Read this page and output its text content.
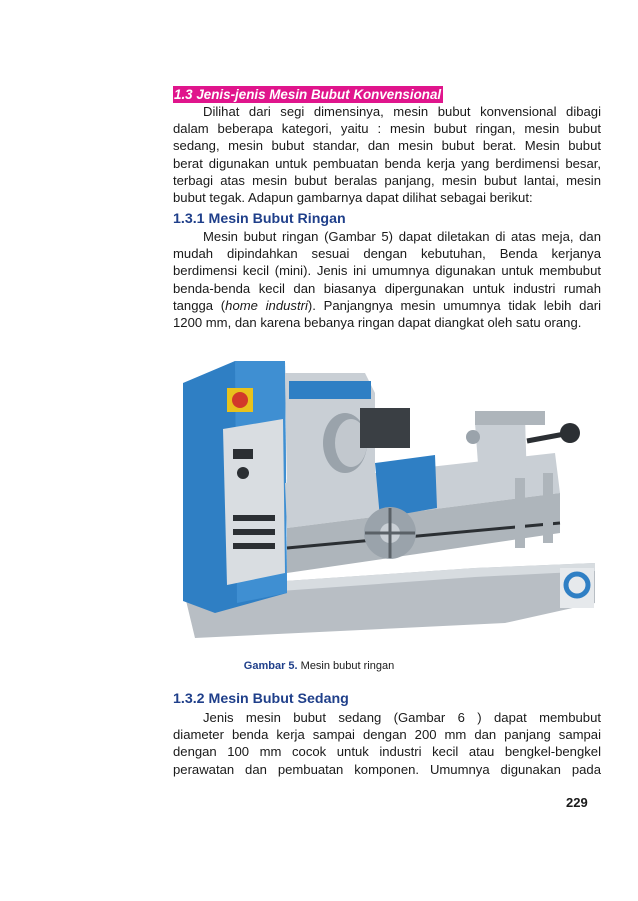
1.3 Jenis-jenis Mesin Bubut Konvensional

Dilihat dari segi dimensinya, mesin bubut konvensional dibagi
dalam beberapa kategori, yaitu : mesin bubut ringan, mesin bubut
sedang, mesin bubut standar, dan mesin bubut berat. Mesin bubut
berat digunakan untuk pembuatan benda kerja yang berdimensi besar,
terbagi atas mesin bubut beralas panjang, mesin bubut lantai, mesin
bubut tegak. Adapun gambarnya dapat dilihat sebagai berikut:

1.3.1 Mesin Bubut Ringan

Mesin bubut ringan (Gambar 5) dapat diletakan di atas meja, dan
mudah dipindahkan sesuai dengan kebutuhan, Benda kerjanya
berdimensi kecil (mini). Jenis ini umumnya digunakan untuk membubut
benda-benda kecil dan biasanya dipergunakan untuk industri rumah
tangga (home industri). Panjangnya mesin umumnya tidak lebih dari
1200 mm, dan karena bebanya ringan dapat diangkat oleh satu orang.

Gambar 5. Mesin bubut ringan
1.3.2 Mesin Bubut Sedang

Jenis mesin bubut sedang (Gambar 6 ) dapat membubut
diameter benda kerja sampai dengan 200 mm dan panjang sampai
dengan 100 mm cocok untuk industri kecil atau bengkel-bengkel
perawatan dan pembuatan komponen. Umumnya digunakan pada

229
